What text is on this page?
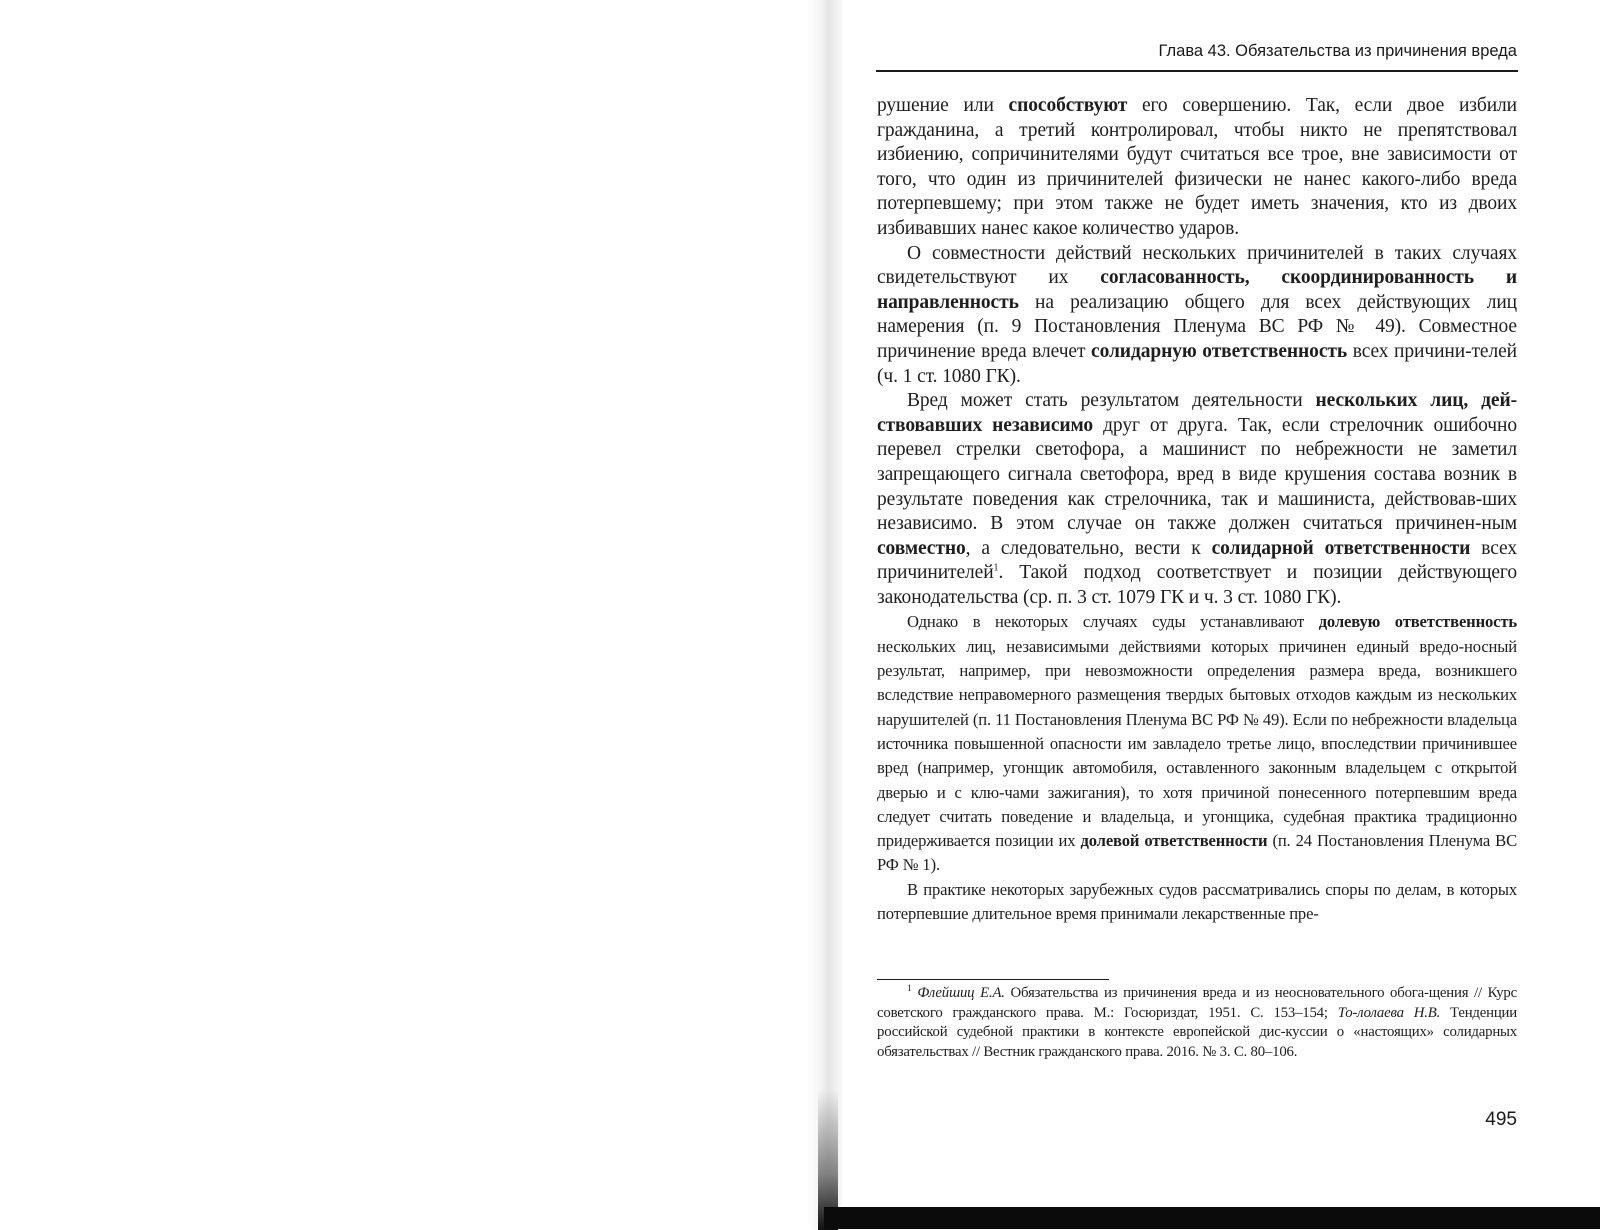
Глава 43. Обязательства из причинения вреда

рушение или способствуют его совершению. Так, если двое избили гражданина, а третий контролировал, чтобы никто не препятствовал избиению, сопричинителями будут считаться все трое, вне зависимости от того, что один из причинителей физически не нанес какого-либо вреда потерпевшему; при этом также не будет иметь значения, кто из двоих избивавших нанес какое количество ударов.

О совместности действий нескольких причинителей в таких случаях свидетельствуют их согласованность, скоординированность и направленность на реализацию общего для всех действующих лиц намерения (п. 9 Постановления Пленума ВС РФ № 49). Совместное причинение вреда влечет солидарную ответственность всех причини-телей (ч. 1 ст. 1080 ГК).

Вред может стать результатом деятельности нескольких лиц, дей-ствовавших независимо друг от друга. Так, если стрелочник ошибочно перевел стрелки светофора, а машинист по небрежности не заметил запрещающего сигнала светофора, вред в виде крушения состава возник в результате поведения как стрелочника, так и машиниста, действовав-ших независимо. В этом случае он также должен считаться причинен-ным совместно, а следовательно, вести к солидарной ответственности всех причинителей$^1$. Такой подход соответствует и позиции действующего законодательства (ср. п. 3 ст. 1079 ГК и ч. 3 ст. 1080 ГК).

Однако в некоторых случаях суды устанавливают долевую ответственность нескольких лиц, независимыми действиями которых причинен единый вредо-носный результат, например, при невозможности определения размера вреда, возникшего вследствие неправомерного размещения твердых бытовых отходов каждым из нескольких нарушителей (п. 11 Постановления Пленума ВС РФ № 49). Если по небрежности владельца источника повышенной опасности им завладело третье лицо, впоследствии причинившее вред (например, угонщик автомобиля, оставленного законным владельцем с открытой дверью и с клю-чами зажигания), то хотя причиной понесенного потерпевшим вреда следует считать поведение и владельца, и угонщика, судебная практика традиционно придерживается позиции их долевой ответственности (п. 24 Постановления Пленума ВС РФ № 1).

В практике некоторых зарубежных судов рассматривались споры по делам, в которых потерпевшие длительное время принимали лекарственные пре-

$^1$ Флейшиц Е.А. Обязательства из причинения вреда и из неосновательного обога-щения // Курс советского гражданского права. М.: Госюриздат, 1951. С. 153–154; То-лолаева Н.В. Тенденции российской судебной практики в контексте европейской дис-куссии о «настоящих» солидарных обязательствах // Вестник гражданского права. 2016. № 3. С. 80–106.
495
